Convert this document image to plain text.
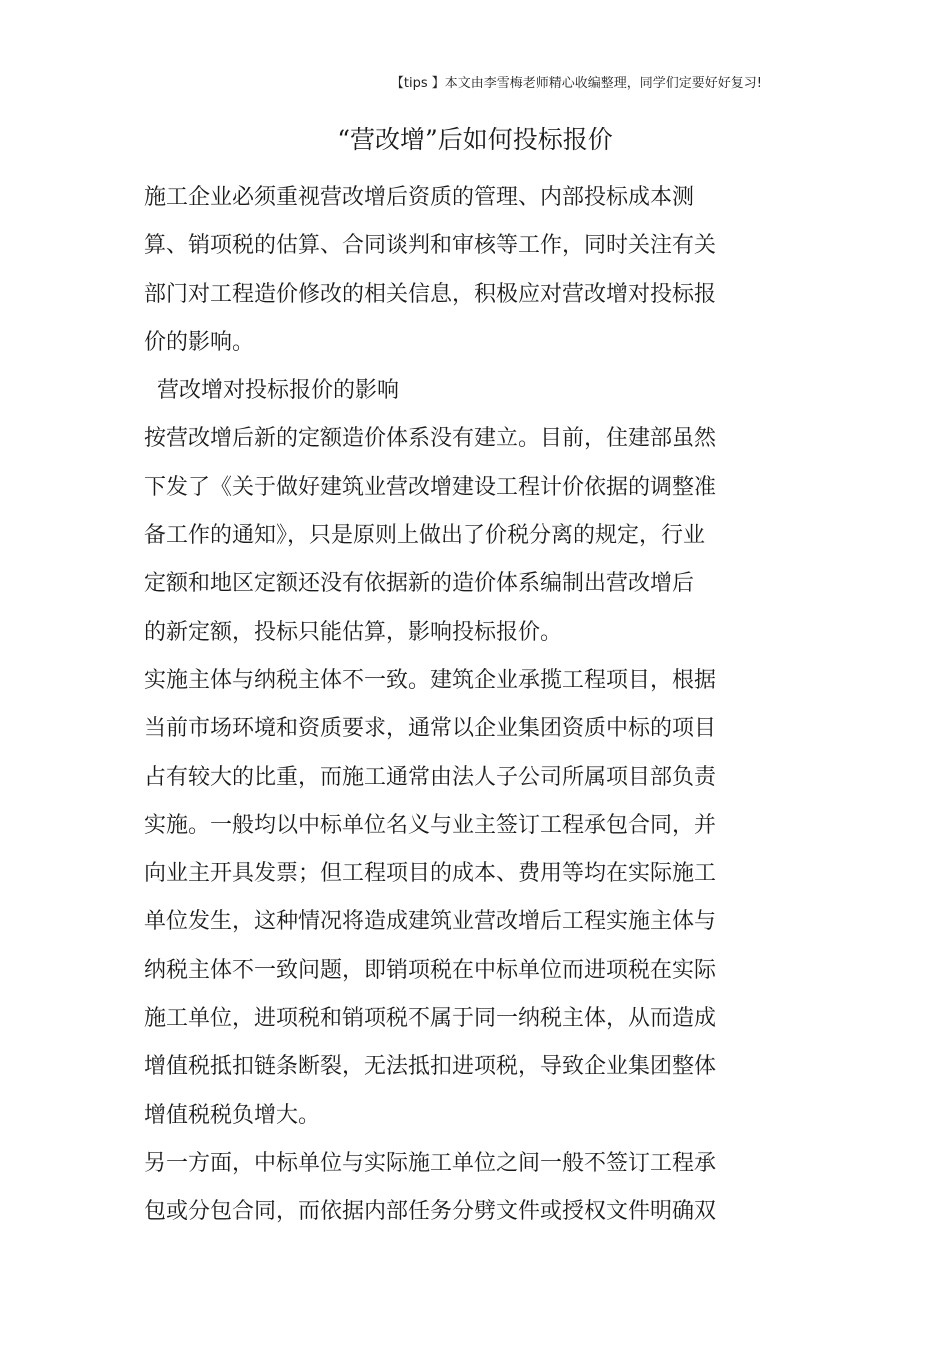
【tips 】本文由李雪梅老师精心收编整理，同学们定要好好复习!
“营改增”后如何投标报价
施工企业必须重视营改增后资质的管理、内部投标成本测
算、销项税的估算、合同谈判和审核等工作，同时关注有关
部门对工程造价修改的相关信息，积极应对营改增对投标报
价的影响。
营改增对投标报价的影响
按营改增后新的定额造价体系没有建立。目前，住建部虽然
下发了《关于做好建筑业营改增建设工程计价依据的调整准
备工作的通知》，只是原则上做出了价税分离的规定，行业
定额和地区定额还没有依据新的造价体系编制出营改增后
的新定额，投标只能估算，影响投标报价。
实施主体与纳税主体不一致。建筑企业承揽工程项目，根据
当前市场环境和资质要求，通常以企业集团资质中标的项目
占有较大的比重，而施工通常由法人子公司所属项目部负责
实施。一般均以中标单位名义与业主签订工程承包合同，并
向业主开具发票；但工程项目的成本、费用等均在实际施工
单位发生，这种情况将造成建筑业营改增后工程实施主体与
纳税主体不一致问题，即销项税在中标单位而进项税在实际
施工单位，进项税和销项税不属于同一纳税主体，从而造成
增值税抵扣链条断裂，无法抵扣进项税，导致企业集团整体
增值税税负增大。
另一方面，中标单位与实际施工单位之间一般不签订工程承
包或分包合同，而依据内部任务分劈文件或授权文件明确双
